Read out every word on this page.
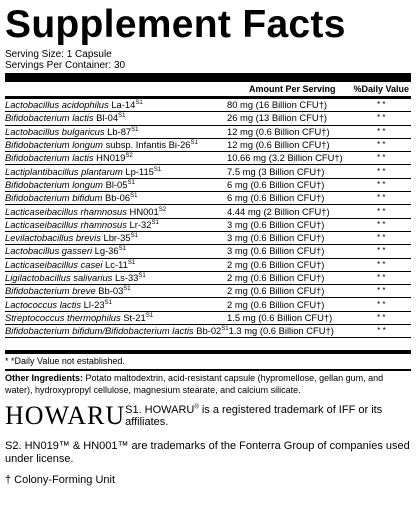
Supplement Facts
Serving Size: 1 Capsule
Servings Per Container: 30
Amount Per Serving	%Daily Value
Lactobacillus acidophilus $La-14^{S1}$	80 mg (16 Billion CFU†)	* *
Bifidobacterium lactis $Bl-04^{S1}$	26 mg (13 Billion CFU†)	* *
Lactobacillus bulgaricus $Lb-87^{S1}$	12 mg (0.6 Billion CFU†)	* *
Bifidobacterium longum subsp. Infantis $Bi-26^{S1}$	12 mg (0.6 Billion CFU†)	* *
Bifidobacterium lactis $HN019^{S2}$	10.66 mg (3.2 Billion CFU†)	* *
Lactiplantibacillus plantarum $Lp-115^{S1}$	7.5 mg (3 Billion CFU†)	* *
Bifidobacterium longum $Bl-05^{S1}$	6 mg (0.6 Billion CFU†)	* *
Bifidobacterium bifidum $Bb-06^{S1}$	6 mg (0.6 Billion CFU†)	* *
Lacticaseibacillus rhamnosus $HN001^{S2}$	4.44 mg (2 Billion CFU†)	* *
Lacticaseibacillus rhamnosus $Lr-32^{S1}$	3 mg (0.6 Billion CFU†)	* *
Levilactobacillus brevis Lbr-$35^{S1}$	3 mg (0.6 Billion CFU†)	* *
Lactobacillus gasseri $Lg-36^{S1}$	3 mg (0.6 Billion CFU†)	* *
Lacticaseibacillus casei $Lc-11^{S1}$	2 mg (0.6 Billion CFU†)	* *
Ligilactobacillus salivarius $Ls-33^{S1}$	2 mg (0.6 Billion CFU†)	* *
Bifidobacterium breve $Bb-03^{S1}$	2 mg (0.6 Billion CFU†)	* *
Lactococcus lactis $Ll-23^{S1}$	2 mg (0.6 Billion CFU†)	* *
Streptococcus thermophilus $St-21^{S1}$	1.5 mg (0.6 Billion CFU†)	* *
Bifidobacterium bifidum/Bifidobacterium lactis $Bb-02^{S1}$ 1.3 mg (0.6 Billion CFU†)	* *
* *Daily Value not established.
Other Ingredients: Potato maltodextrin, acid-resistant capsule (hypromellose, gellan gum, and water), hydroxypropyl cellulose, magnesium stearate, and calcium silicate.
HOWARU S1. HOWARU® is a registered trademark of IFF or its affiliates.
S2. HN019™ & HN001™ are trademarks of the Fonterra Group of companies used under license.
† Colony-Forming Unit
